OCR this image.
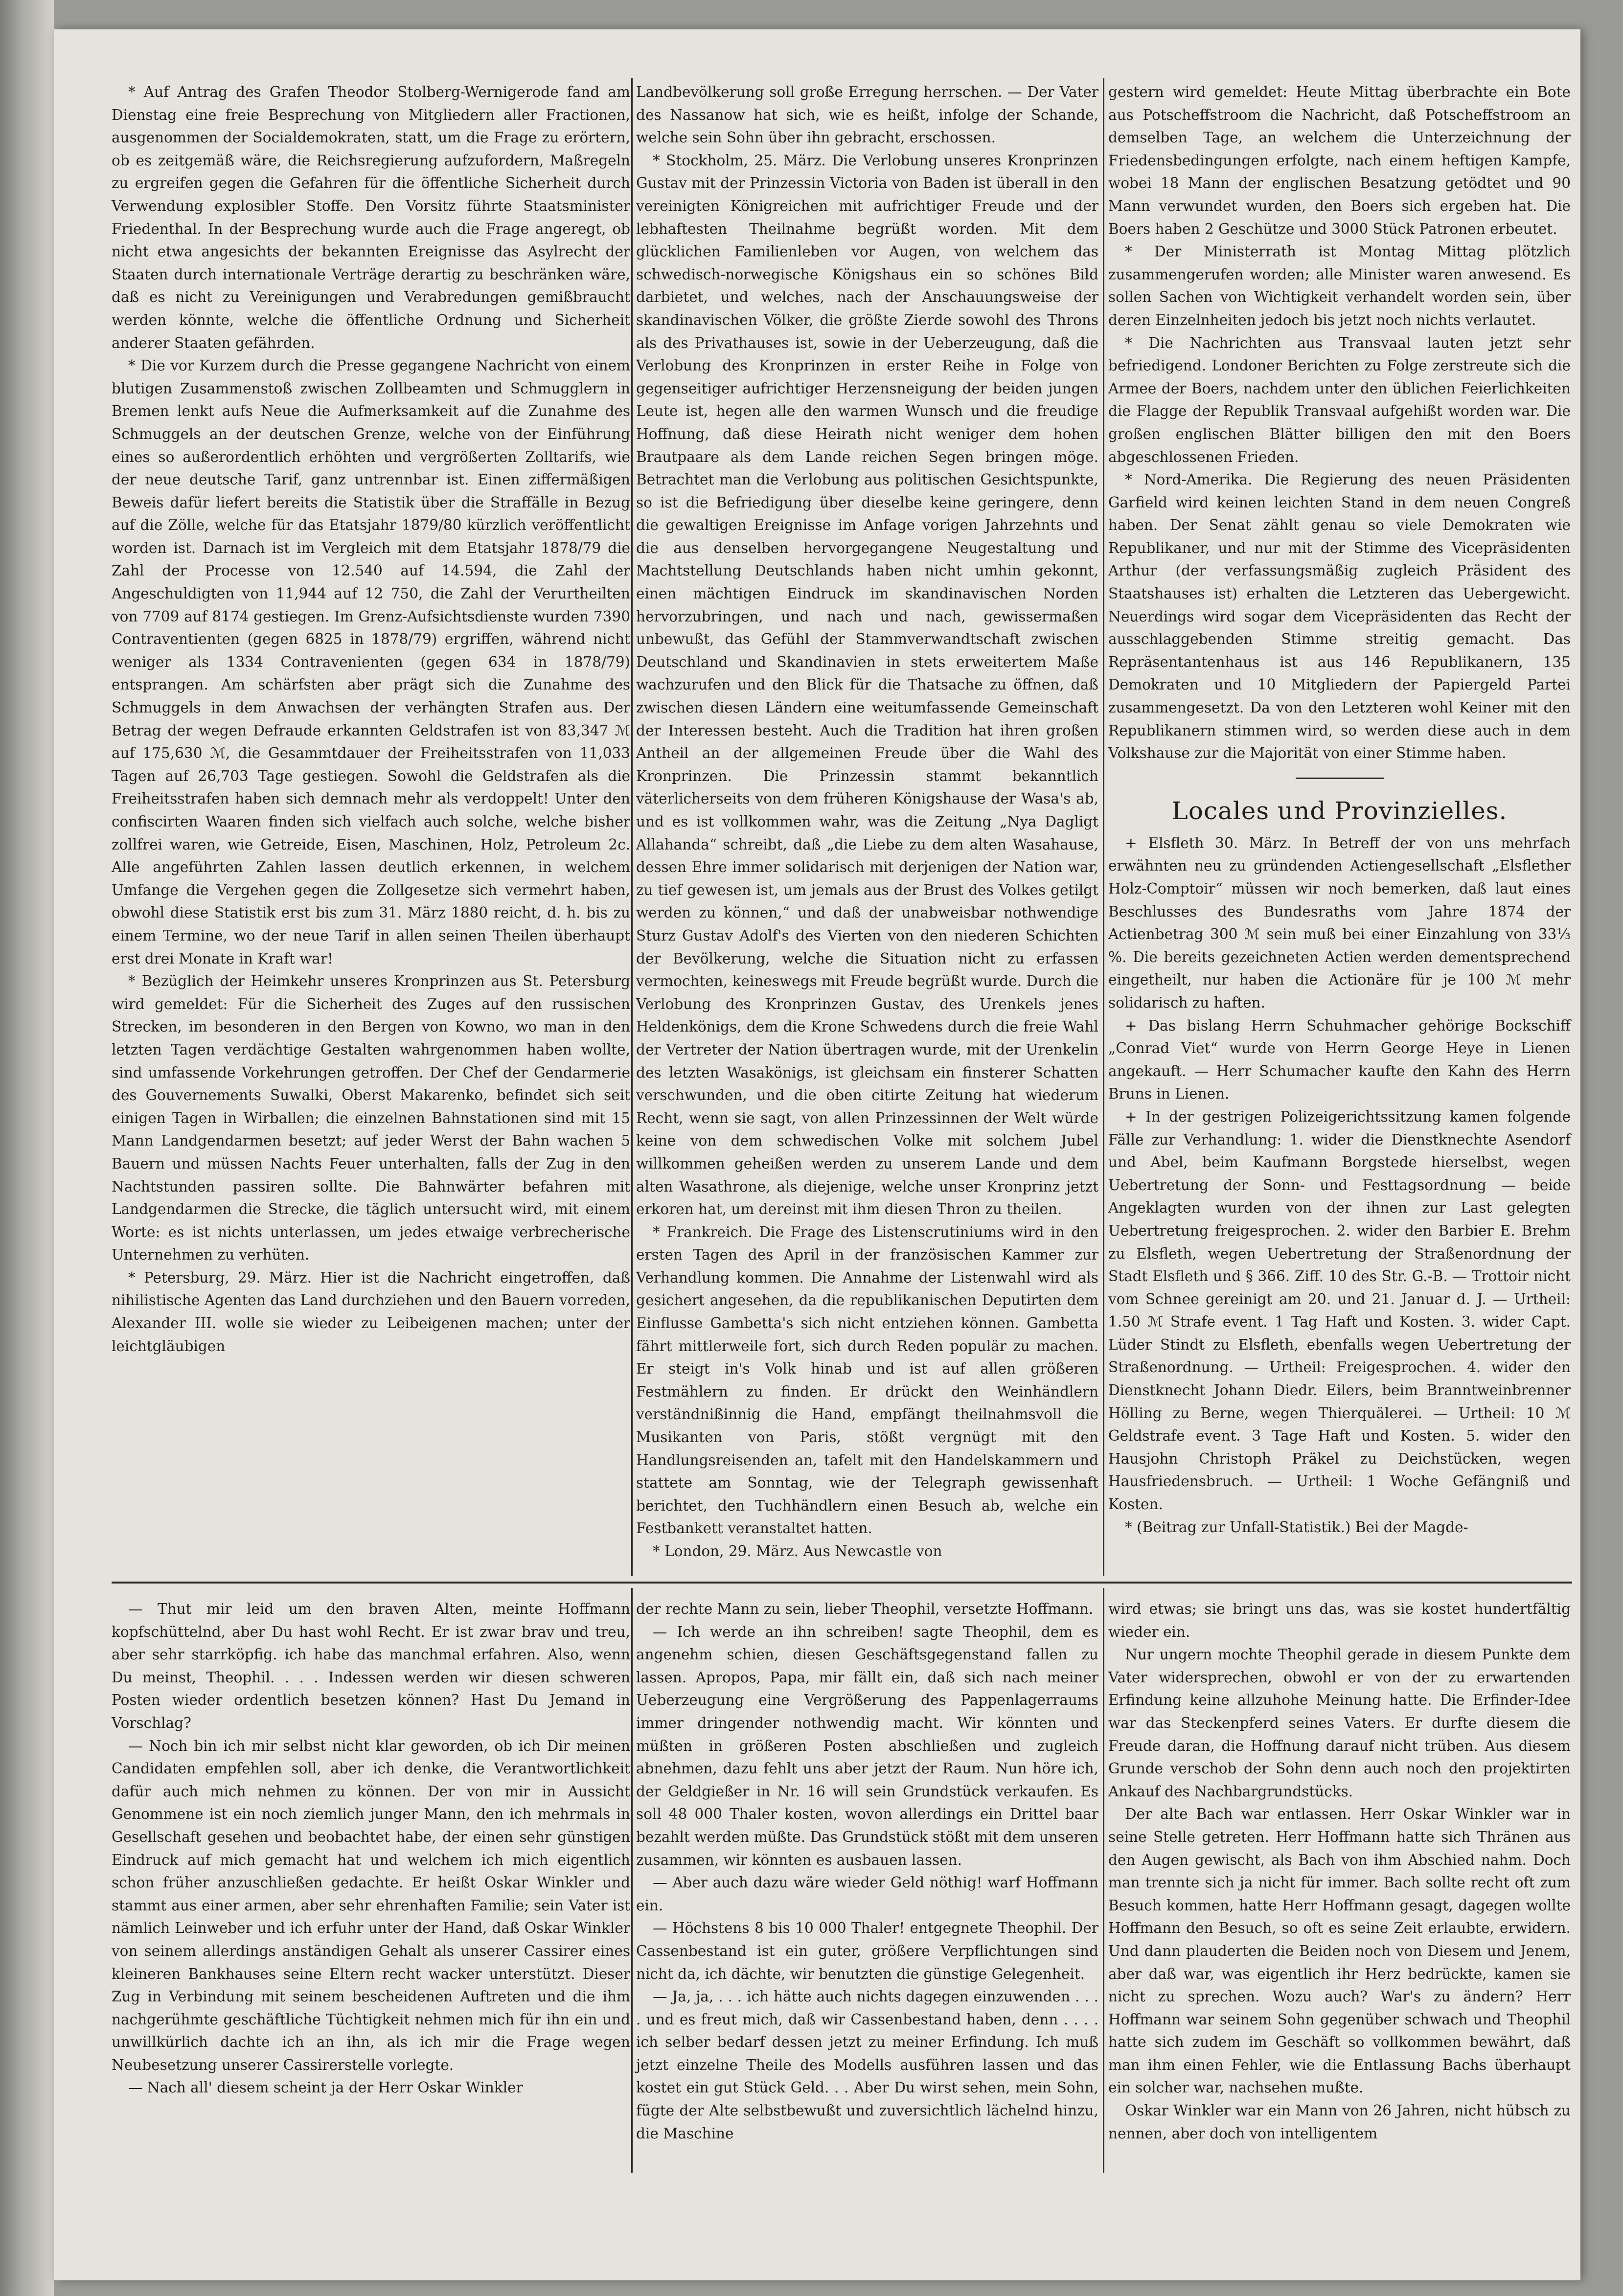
* Auf Antrag des Grafen Theodor Stolberg-Wernigerode fand am Dienstag eine freie Besprechung von Mitgliedern aller Fractionen, ausgenommen der Socialdemokraten, statt, um die Frage zu erörtern, ob es zeitgemäß wäre, die Reichsregierung aufzufordern, Maßregeln zu ergreifen gegen die Gefahren für die öffentliche Sicherheit durch Verwendung explosibler Stoffe. Den Vorsitz führte Staatsminister Friedenthal. In der Besprechung wurde auch die Frage angeregt, ob nicht etwa angesichts der bekannten Ereignisse das Asylrecht der Staaten durch internationale Verträge derartig zu beschränken wäre, daß es nicht zu Vereinigungen und Verabredungen gemißbraucht werden könnte, welche die öffentliche Ordnung und Sicherheit anderer Staaten gefährden.

* Die vor Kurzem durch die Presse gegangene Nachricht von einem blutigen Zusammenstoß zwischen Zollbeamten und Schmugglern in Bremen lenkt aufs Neue die Aufmerksamkeit auf die Zunahme des Schmuggels an der deutschen Grenze, welche von der Einführung eines so außerordentlich erhöhten und vergrößerten Zolltarifs, wie der neue deutsche Tarif, ganz untrennbar ist. Einen ziffermäßigen Beweis dafür liefert bereits die Statistik über die Straffälle in Bezug auf die Zölle, welche für das Etatsjahr 1879/80 kürzlich veröffentlicht worden ist. Darnach ist im Vergleich mit dem Etatsjahr 1878/79 die Zahl der Processe von 12.540 auf 14.594, die Zahl der Angeschuldigten von 11,944 auf 12 750, die Zahl der Verurtheilten von 7709 auf 8174 gestiegen. Im Grenz-Aufsichtsdienste wurden 7390 Contraventienten (gegen 6825 in 1878/79) ergriffen, während nicht weniger als 1334 Contravenienten (gegen 634 in 1878/79) entsprangen. Am schärfsten aber prägt sich die Zunahme des Schmuggels in dem Anwachsen der verhängten Strafen aus. Der Betrag der wegen Defraude erkannten Geldstrafen ist von 83,347 ℳ auf 175,630 ℳ, die Gesammtdauer der Freiheitsstrafen von 11,033 Tagen auf 26,703 Tage gestiegen. Sowohl die Geldstrafen als die Freiheitsstrafen haben sich demnach mehr als verdoppelt! Unter den confiscirten Waaren finden sich vielfach auch solche, welche bisher zollfrei waren, wie Getreide, Eisen, Maschinen, Holz, Petroleum 2c. Alle angeführten Zahlen lassen deutlich erkennen, in welchem Umfange die Vergehen gegen die Zollgesetze sich vermehrt haben, obwohl diese Statistik erst bis zum 31. März 1880 reicht, d. h. bis zu einem Termine, wo der neue Tarif in allen seinen Theilen überhaupt erst drei Monate in Kraft war!

* Bezüglich der Heimkehr unseres Kronprinzen aus St. Petersburg wird gemeldet: Für die Sicherheit des Zuges auf den russischen Strecken, im besonderen in den Bergen von Kowno, wo man in den letzten Tagen verdächtige Gestalten wahrgenommen haben wollte, sind umfassende Vorkehrungen getroffen. Der Chef der Gendarmerie des Gouvernements Suwalki, Oberst Makarenko, befindet sich seit einigen Tagen in Wirballen; die einzelnen Bahnstationen sind mit 15 Mann Landgendarmen besetzt; auf jeder Werst der Bahn wachen 5 Bauern und müssen Nachts Feuer unterhalten, falls der Zug in den Nachtstunden passiren sollte. Die Bahnwärter befahren mit Landgendarmen die Strecke, die täglich untersucht wird, mit einem Worte: es ist nichts unterlassen, um jedes etwaige verbrecherische Unternehmen zu verhüten.

* Petersburg, 29. März. Hier ist die Nachricht eingetroffen, daß nihilistische Agenten das Land durchziehen und den Bauern vorreden, Alexander III. wolle sie wieder zu Leibeigenen machen; unter der leichtgläubigen

Landbevölkerung soll große Erregung herrschen. — Der Vater des Nassanow hat sich, wie es heißt, infolge der Schande, welche sein Sohn über ihn gebracht, erschossen.

* Stockholm, 25. März. Die Verlobung unseres Kronprinzen Gustav mit der Prinzessin Victoria von Baden ist überall in den vereinigten Königreichen mit aufrichtiger Freude und der lebhaftesten Theilnahme begrüßt worden. Mit dem glücklichen Familienleben vor Augen, von welchem das schwedisch-norwegische Königshaus ein so schönes Bild darbietet, und welches, nach der Anschauungsweise der skandinavischen Völker, die größte Zierde sowohl des Throns als des Privathauses ist, sowie in der Ueberzeugung, daß die Verlobung des Kronprinzen in erster Reihe in Folge von gegenseitiger aufrichtiger Herzensneigung der beiden jungen Leute ist, hegen alle den warmen Wunsch und die freudige Hoffnung, daß diese Heirath nicht weniger dem hohen Brautpaare als dem Lande reichen Segen bringen möge. Betrachtet man die Verlobung aus politischen Gesichtspunkte, so ist die Befriedigung über dieselbe keine geringere, denn die gewaltigen Ereignisse im Anfage vorigen Jahrzehnts und die aus denselben hervorgegangene Neugestaltung und Machtstellung Deutschlands haben nicht umhin gekonnt, einen mächtigen Eindruck im skandinavischen Norden hervorzubringen, und nach und nach, gewissermaßen unbewußt, das Gefühl der Stammverwandtschaft zwischen Deutschland und Skandinavien in stets erweitertem Maße wachzurufen und den Blick für die Thatsache zu öffnen, daß zwischen diesen Ländern eine weitumfassende Gemeinschaft der Interessen besteht. Auch die Tradition hat ihren großen Antheil an der allgemeinen Freude über die Wahl des Kronprinzen. Die Prinzessin stammt bekanntlich väterlicherseits von dem früheren Königshause der Wasa's ab, und es ist vollkommen wahr, was die Zeitung „Nya Dagligt Allahanda“ schreibt, daß „die Liebe zu dem alten Wasahause, dessen Ehre immer solidarisch mit derjenigen der Nation war, zu tief gewesen ist, um jemals aus der Brust des Volkes getilgt werden zu können,“ und daß der unabweisbar nothwendige Sturz Gustav Adolf's des Vierten von den niederen Schichten der Bevölkerung, welche die Situation nicht zu erfassen vermochten, keineswegs mit Freude begrüßt wurde. Durch die Verlobung des Kronprinzen Gustav, des Urenkels jenes Heldenkönigs, dem die Krone Schwedens durch die freie Wahl der Vertreter der Nation übertragen wurde, mit der Urenkelin des letzten Wasakönigs, ist gleichsam ein finsterer Schatten verschwunden, und die oben citirte Zeitung hat wiederum Recht, wenn sie sagt, von allen Prinzessinnen der Welt würde keine von dem schwedischen Volke mit solchem Jubel willkommen geheißen werden zu unserem Lande und dem alten Wasathrone, als diejenige, welche unser Kronprinz jetzt erkoren hat, um dereinst mit ihm diesen Thron zu theilen.

* Frankreich. Die Frage des Listenscrutiniums wird in den ersten Tagen des April in der französischen Kammer zur Verhandlung kommen. Die Annahme der Listenwahl wird als gesichert angesehen, da die republikanischen Deputirten dem Einflusse Gambetta's sich nicht entziehen können. Gambetta fährt mittlerweile fort, sich durch Reden populär zu machen. Er steigt in's Volk hinab und ist auf allen größeren Festmählern zu finden. Er drückt den Weinhändlern verständnißinnig die Hand, empfängt theilnahmsvoll die Musikanten von Paris, stößt vergnügt mit den Handlungsreisenden an, tafelt mit den Handelskammern und stattete am Sonntag, wie der Telegraph gewissenhaft berichtet, den Tuchhändlern einen Besuch ab, welche ein Festbankett veranstaltet hatten.

* London, 29. März. Aus Newcastle von

gestern wird gemeldet: Heute Mittag überbrachte ein Bote aus Potscheffstroom die Nachricht, daß Potscheffstroom an demselben Tage, an welchem die Unterzeichnung der Friedensbedingungen erfolgte, nach einem heftigen Kampfe, wobei 18 Mann der englischen Besatzung getödtet und 90 Mann verwundet wurden, den Boers sich ergeben hat. Die Boers haben 2 Geschütze und 3000 Stück Patronen erbeutet.

* Der Ministerrath ist Montag Mittag plötzlich zusammengerufen worden; alle Minister waren anwesend. Es sollen Sachen von Wichtigkeit verhandelt worden sein, über deren Einzelnheiten jedoch bis jetzt noch nichts verlautet.

* Die Nachrichten aus Transvaal lauten jetzt sehr befriedigend. Londoner Berichten zu Folge zerstreute sich die Armee der Boers, nachdem unter den üblichen Feierlichkeiten die Flagge der Republik Transvaal aufgehißt worden war. Die großen englischen Blätter billigen den mit den Boers abgeschlossenen Frieden.

* Nord-Amerika. Die Regierung des neuen Präsidenten Garfield wird keinen leichten Stand in dem neuen Congreß haben. Der Senat zählt genau so viele Demokraten wie Republikaner, und nur mit der Stimme des Vicepräsidenten Arthur (der verfassungsmäßig zugleich Präsident des Staatshauses ist) erhalten die Letzteren das Uebergewicht. Neuerdings wird sogar dem Vicepräsidenten das Recht der ausschlaggebenden Stimme streitig gemacht. Das Repräsentantenhaus ist aus 146 Republikanern, 135 Demokraten und 10 Mitgliedern der Papiergeld Partei zusammengesetzt. Da von den Letzteren wohl Keiner mit den Republikanern stimmen wird, so werden diese auch in dem Volkshause zur die Majorität von einer Stimme haben.

Locales und Provinzielles.

+ Elsfleth 30. März. In Betreff der von uns mehrfach erwähnten neu zu gründenden Actiengesellschaft „Elsflether Holz-Comptoir“ müssen wir noch bemerken, daß laut eines Beschlusses des Bundesraths vom Jahre 1874 der Actienbetrag 300 ℳ sein muß bei einer Einzahlung von 33⅓ %. Die bereits gezeichneten Actien werden dementsprechend eingetheilt, nur haben die Actionäre für je 100 ℳ mehr solidarisch zu haften.

+ Das bislang Herrn Schuhmacher gehörige Bockschiff „Conrad Viet“ wurde von Herrn George Heye in Lienen angekauft. — Herr Schumacher kaufte den Kahn des Herrn Bruns in Lienen.

+ In der gestrigen Polizeigerichtssitzung kamen folgende Fälle zur Verhandlung: 1. wider die Dienstknechte Asendorf und Abel, beim Kaufmann Borgstede hierselbst, wegen Uebertretung der Sonn- und Festtagsordnung — beide Angeklagten wurden von der ihnen zur Last gelegten Uebertretung freigesprochen. 2. wider den Barbier E. Brehm zu Elsfleth, wegen Uebertretung der Straßenordnung der Stadt Elsfleth und § 366. Ziff. 10 des Str. G.-B. — Trottoir nicht vom Schnee gereinigt am 20. und 21. Januar d. J. — Urtheil: 1.50 ℳ Strafe event. 1 Tag Haft und Kosten. 3. wider Capt. Lüder Stindt zu Elsfleth, ebenfalls wegen Uebertretung der Straßenordnung. — Urtheil: Freigesprochen. 4. wider den Dienstknecht Johann Diedr. Eilers, beim Branntweinbrenner Hölling zu Berne, wegen Thierquälerei. — Urtheil: 10 ℳ Geldstrafe event. 3 Tage Haft und Kosten. 5. wider den Hausjohn Christoph Präkel zu Deichstücken, wegen Hausfriedensbruch. — Urtheil: 1 Woche Gefängniß und Kosten.

* (Beitrag zur Unfall-Statistik.) Bei der Magde-

— Thut mir leid um den braven Alten, meinte Hoffmann kopfschüttelnd, aber Du hast wohl Recht. Er ist zwar brav und treu, aber sehr starrköpfig. ich habe das manchmal erfahren. Also, wenn Du meinst, Theophil. . . . Indessen werden wir diesen schweren Posten wieder ordentlich besetzen können? Hast Du Jemand in Vorschlag?

— Noch bin ich mir selbst nicht klar geworden, ob ich Dir meinen Candidaten empfehlen soll, aber ich denke, die Verantwortlichkeit dafür auch mich nehmen zu können. Der von mir in Aussicht Genommene ist ein noch ziemlich junger Mann, den ich mehrmals in Gesellschaft gesehen und beobachtet habe, der einen sehr günstigen Eindruck auf mich gemacht hat und welchem ich mich eigentlich schon früher anzuschließen gedachte. Er heißt Oskar Winkler und stammt aus einer armen, aber sehr ehrenhaften Familie; sein Vater ist nämlich Leinweber und ich erfuhr unter der Hand, daß Oskar Winkler von seinem allerdings anständigen Gehalt als unserer Cassirer eines kleineren Bankhauses seine Eltern recht wacker unterstützt. Dieser Zug in Verbindung mit seinem bescheidenen Auftreten und die ihm nachgerühmte geschäftliche Tüchtigkeit nehmen mich für ihn ein und unwillkürlich dachte ich an ihn, als ich mir die Frage wegen Neubesetzung unserer Cassirerstelle vorlegte.

— Nach all' diesem scheint ja der Herr Oskar Winkler

der rechte Mann zu sein, lieber Theophil, versetzte Hoffmann.

— Ich werde an ihn schreiben! sagte Theophil, dem es angenehm schien, diesen Geschäftsgegenstand fallen zu lassen. Apropos, Papa, mir fällt ein, daß sich nach meiner Ueberzeugung eine Vergrößerung des Pappenlagerraums immer dringender nothwendig macht. Wir könnten und müßten in größeren Posten abschließen und zugleich abnehmen, dazu fehlt uns aber jetzt der Raum. Nun höre ich, der Geldgießer in Nr. 16 will sein Grundstück verkaufen. Es soll 48 000 Thaler kosten, wovon allerdings ein Drittel baar bezahlt werden müßte. Das Grundstück stößt mit dem unseren zusammen, wir könnten es ausbauen lassen.

— Aber auch dazu wäre wieder Geld nöthig! warf Hoffmann ein.

— Höchstens 8 bis 10 000 Thaler! entgegnete Theophil. Der Cassenbestand ist ein guter, größere Verpflichtungen sind nicht da, ich dächte, wir benutzten die günstige Gelegenheit.

— Ja, ja, . . . ich hätte auch nichts dagegen einzuwenden . . . . und es freut mich, daß wir Cassenbestand haben, denn . . . . ich selber bedarf dessen jetzt zu meiner Erfindung. Ich muß jetzt einzelne Theile des Modells ausführen lassen und das kostet ein gut Stück Geld. . . Aber Du wirst sehen, mein Sohn, fügte der Alte selbstbewußt und zuversichtlich lächelnd hinzu, die Maschine

wird etwas; sie bringt uns das, was sie kostet hundertfältig wieder ein.

Nur ungern mochte Theophil gerade in diesem Punkte dem Vater widersprechen, obwohl er von der zu erwartenden Erfindung keine allzuhohe Meinung hatte. Die Erfinder-Idee war das Steckenpferd seines Vaters. Er durfte diesem die Freude daran, die Hoffnung darauf nicht trüben. Aus diesem Grunde verschob der Sohn denn auch noch den projektirten Ankauf des Nachbargrundstücks.

Der alte Bach war entlassen. Herr Oskar Winkler war in seine Stelle getreten. Herr Hoffmann hatte sich Thränen aus den Augen gewischt, als Bach von ihm Abschied nahm. Doch man trennte sich ja nicht für immer. Bach sollte recht oft zum Besuch kommen, hatte Herr Hoffmann gesagt, dagegen wollte Hoffmann den Besuch, so oft es seine Zeit erlaubte, erwidern. Und dann plauderten die Beiden noch von Diesem und Jenem, aber daß war, was eigentlich ihr Herz bedrückte, kamen sie nicht zu sprechen. Wozu auch? War's zu ändern? Herr Hoffmann war seinem Sohn gegenüber schwach und Theophil hatte sich zudem im Geschäft so vollkommen bewährt, daß man ihm einen Fehler, wie die Entlassung Bachs überhaupt ein solcher war, nachsehen mußte.

Oskar Winkler war ein Mann von 26 Jahren, nicht hübsch zu nennen, aber doch von intelligentem
